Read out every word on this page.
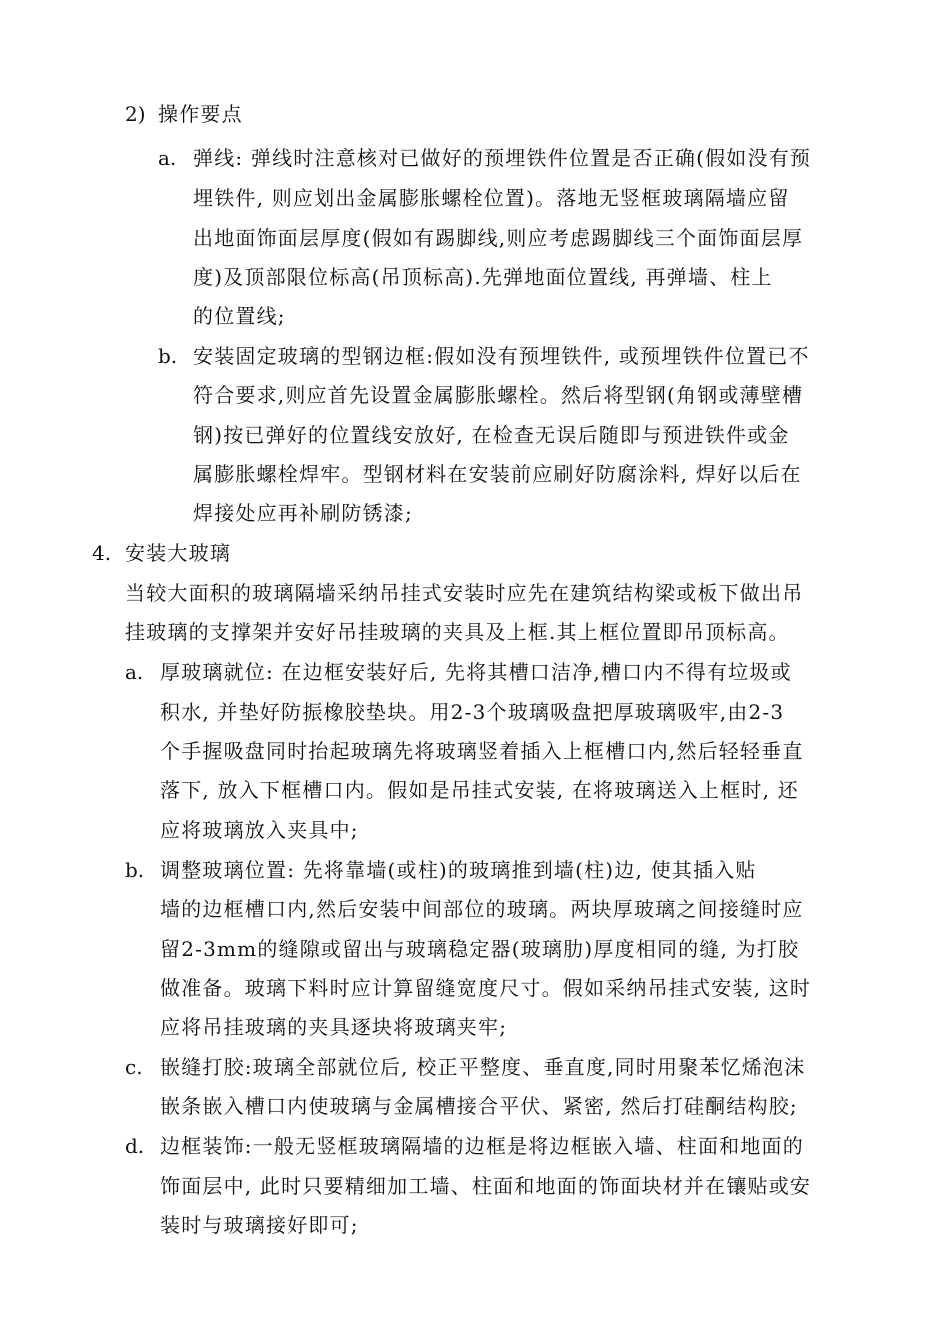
2) 操作要点
a. 弹线: 弹线时注意核对已做好的预埋铁件位置是否正确(假如没有预
埋铁件, 则应划出金属膨胀螺栓位置)。落地无竖框玻璃隔墙应留
出地面饰面层厚度(假如有踢脚线,则应考虑踢脚线三个面饰面层厚
度)及顶部限位标高(吊顶标高).先弹地面位置线, 再弹墙、柱上
的位置线;
b. 安装固定玻璃的型钢边框:假如没有预埋铁件, 或预埋铁件位置已不
符合要求,则应首先设置金属膨胀螺栓。然后将型钢(角钢或薄壁槽
钢)按已弹好的位置线安放好, 在检查无误后随即与预进铁件或金
属膨胀螺栓焊牢。型钢材料在安装前应刷好防腐涂料, 焊好以后在
焊接处应再补刷防锈漆;
4. 安装大玻璃
当较大面积的玻璃隔墙采纳吊挂式安装时应先在建筑结构梁或板下做出吊
挂玻璃的支撑架并安好吊挂玻璃的夹具及上框.其上框位置即吊顶标高。
a. 厚玻璃就位: 在边框安装好后, 先将其槽口洁净,槽口内不得有垃圾或
积水, 并垫好防振橡胶垫块。用2-3个玻璃吸盘把厚玻璃吸牢,由2-3
个手握吸盘同时抬起玻璃先将玻璃竖着插入上框槽口内,然后轻轻垂直
落下, 放入下框槽口内。假如是吊挂式安装, 在将玻璃送入上框时, 还
应将玻璃放入夹具中;
b. 调整玻璃位置: 先将靠墙(或柱)的玻璃推到墙(柱)边, 使其插入贴
墙的边框槽口内,然后安装中间部位的玻璃。两块厚玻璃之间接缝时应
留2-3mm的缝隙或留出与玻璃稳定器(玻璃肋)厚度相同的缝, 为打胶
做准备。玻璃下料时应计算留缝宽度尺寸。假如采纳吊挂式安装, 这时
应将吊挂玻璃的夹具逐块将玻璃夹牢;
c. 嵌缝打胶:玻璃全部就位后, 校正平整度、垂直度,同时用聚苯忆烯泡沫
嵌条嵌入槽口内使玻璃与金属槽接合平伏、紧密, 然后打硅酮结构胶;
d. 边框装饰:一般无竖框玻璃隔墙的边框是将边框嵌入墙、柱面和地面的
饰面层中, 此时只要精细加工墙、柱面和地面的饰面块材并在镶贴或安
装时与玻璃接好即可;
